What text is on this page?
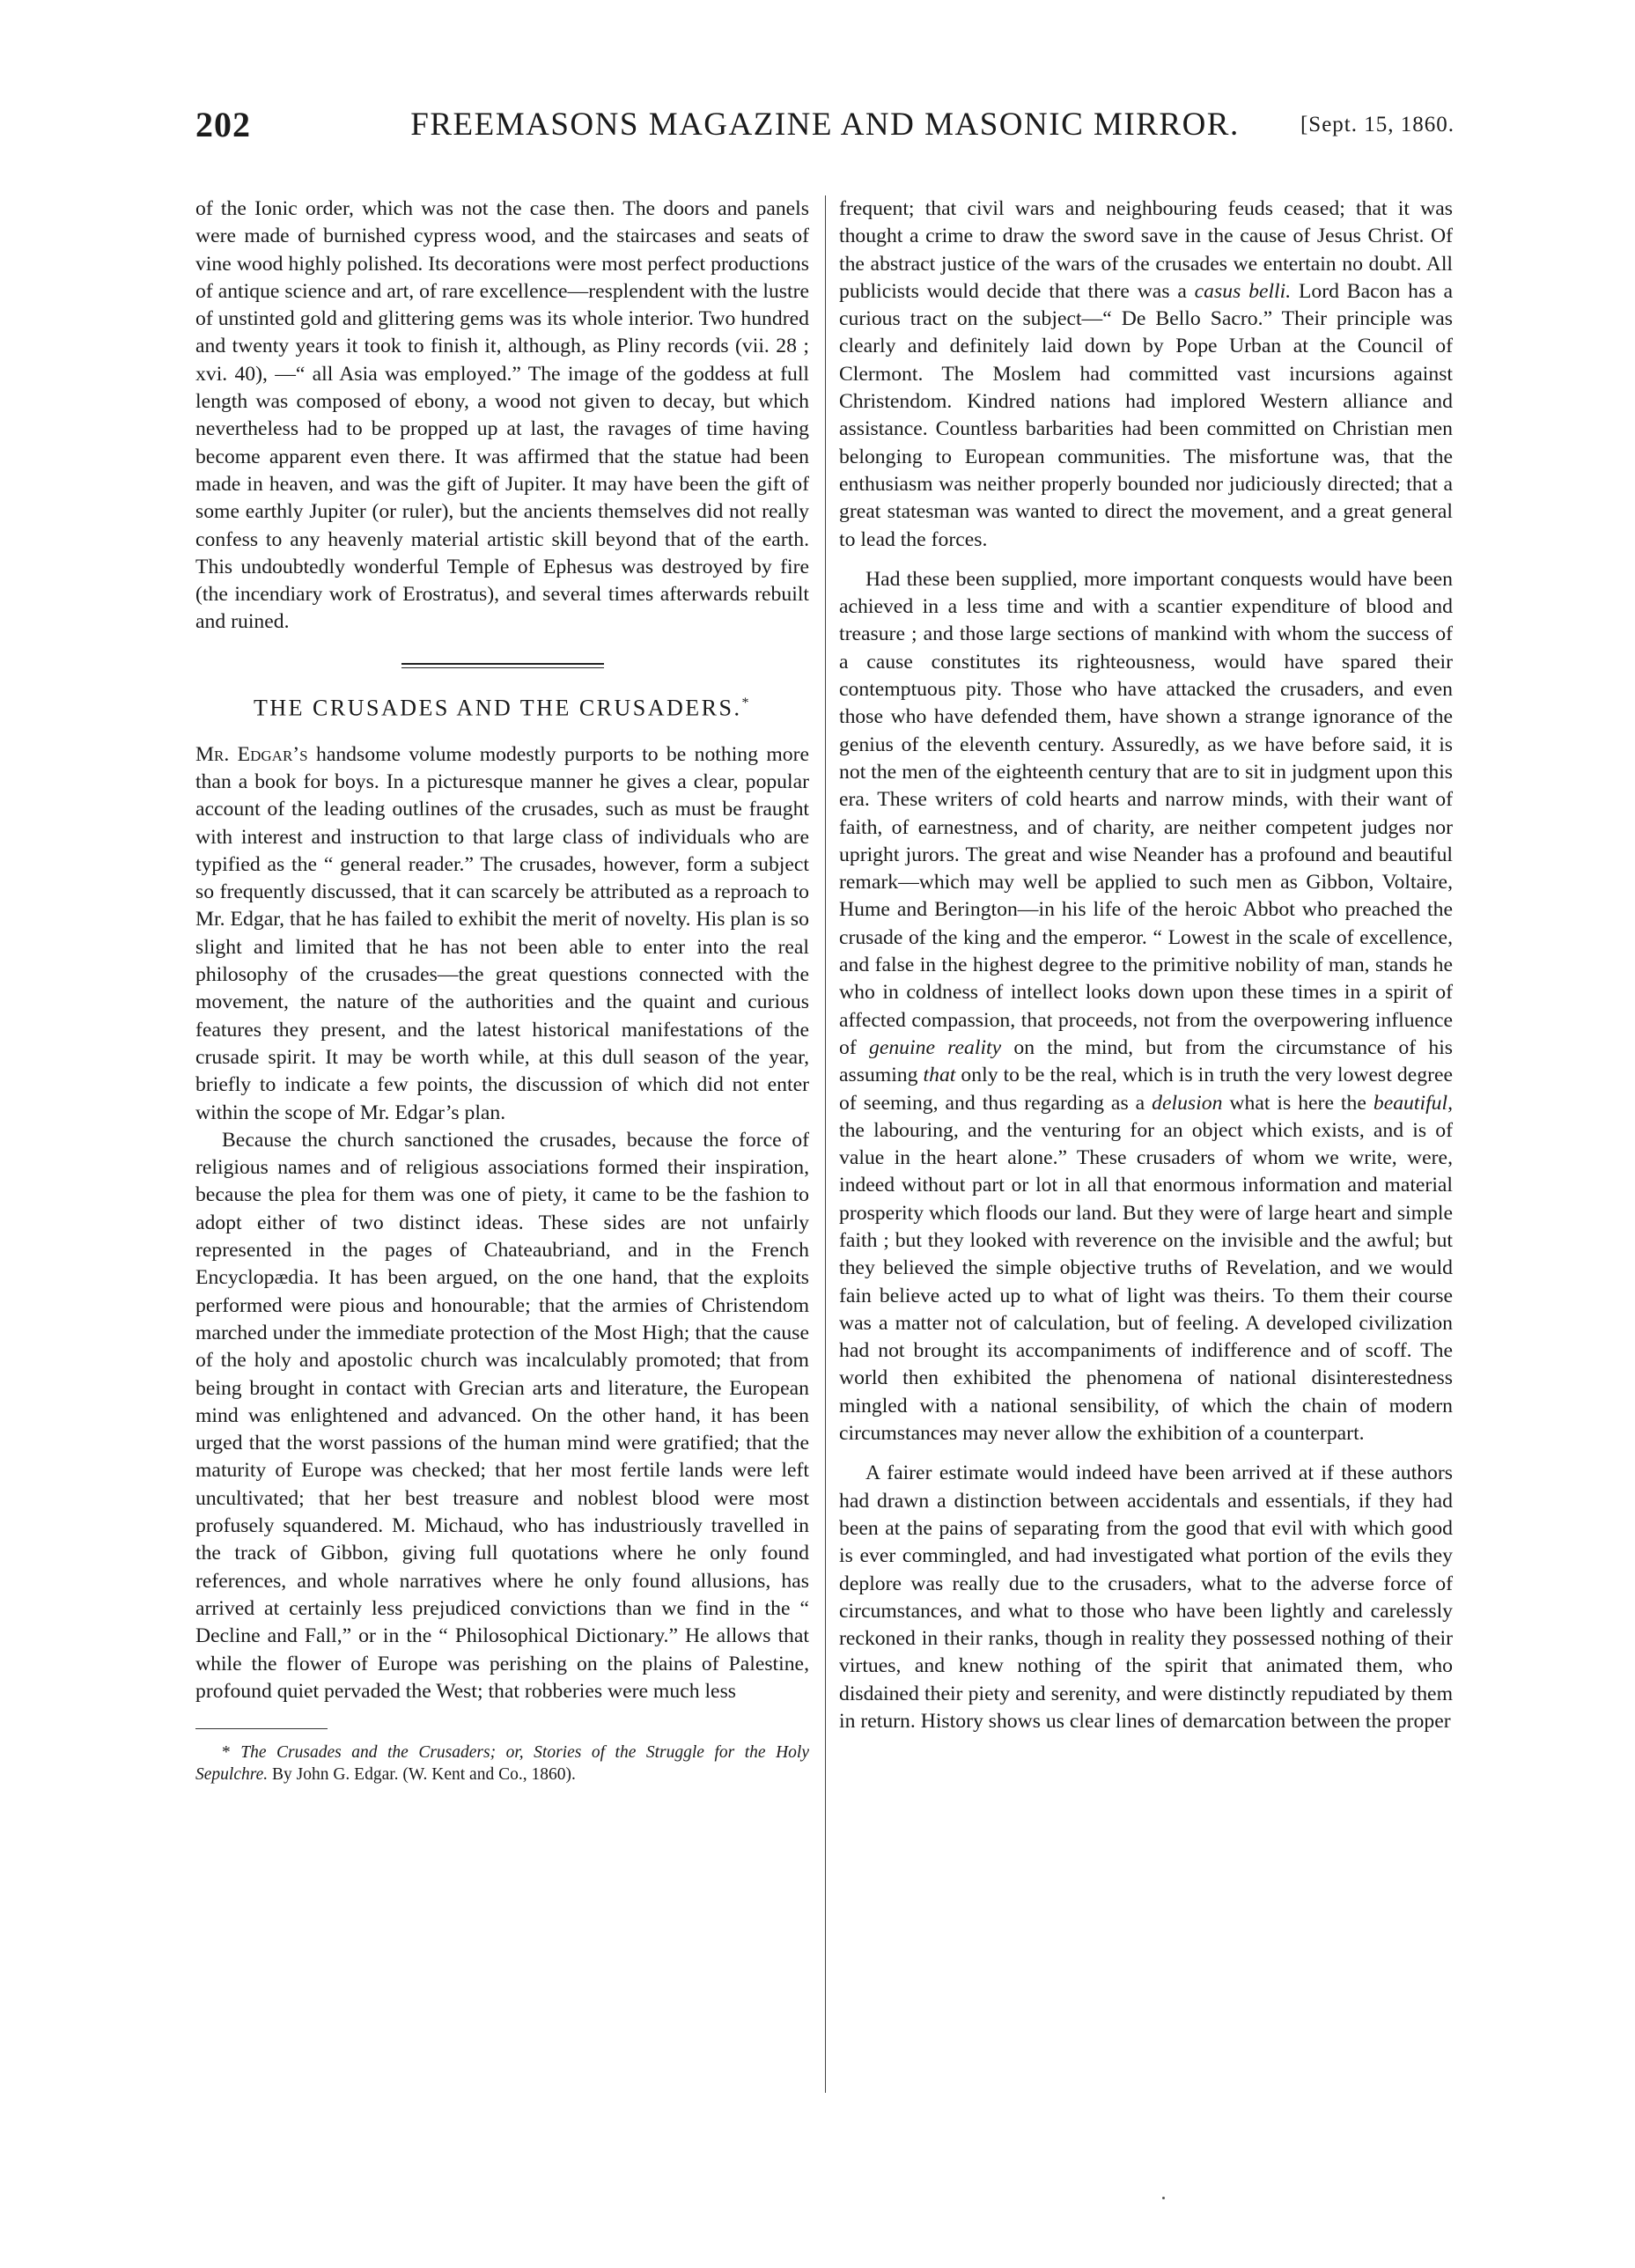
202	FREEMASONS MAGAZINE AND MASONIC MIRROR.	[Sept. 15, 1860.

of the Ionic order, which was not the case then. The doors and panels were made of burnished cypress wood, and the staircases and seats of vine wood highly polished. Its decorations were most perfect productions of antique science and art, of rare excellence—resplendent with the lustre of unstinted gold and glittering gems was its whole interior. Two hundred and twenty years it took to finish it, although, as Pliny records (vii. 28 ; xvi. 40), —“ all Asia was employed.” The image of the goddess at full length was composed of ebony, a wood not given to decay, but which nevertheless had to be propped up at last, the ravages of time having become apparent even there. It was affirmed that the statue had been made in heaven, and was the gift of Jupiter. It may have been the gift of some earthly Jupiter (or ruler), but the ancients themselves did not really confess to any heavenly material artistic skill beyond that of the earth. This undoubtedly wonderful Temple of Ephesus was destroyed by fire (the incendiary work of Erostratus), and several times afterwards rebuilt and ruined.

THE CRUSADES AND THE CRUSADERS.*

Mr. Edgar’s handsome volume modestly purports to be nothing more than a book for boys. In a picturesque manner he gives a clear, popular account of the leading outlines of the crusades, such as must be fraught with interest and instruction to that large class of individuals who are typified as the “ general reader.” The crusades, however, form a subject so frequently discussed, that it can scarcely be attributed as a reproach to Mr. Edgar, that he has failed to exhibit the merit of novelty. His plan is so slight and limited that he has not been able to enter into the real philosophy of the crusades—the great questions connected with the movement, the nature of the authorities and the quaint and curious features they present, and the latest historical manifestations of the crusade spirit. It may be worth while, at this dull season of the year, briefly to indicate a few points, the discussion of which did not enter within the scope of Mr. Edgar’s plan.

Because the church sanctioned the crusades, because the force of religious names and of religious associations formed their inspiration, because the plea for them was one of piety, it came to be the fashion to adopt either of two distinct ideas. These sides are not unfairly represented in the pages of Chateaubriand, and in the French Encyclopædia. It has been argued, on the one hand, that the exploits performed were pious and honourable; that the armies of Christendom marched under the immediate protection of the Most High; that the cause of the holy and apostolic church was incalculably promoted; that from being brought in contact with Grecian arts and literature, the European mind was enlightened and advanced. On the other hand, it has been urged that the worst passions of the human mind were gratified; that the maturity of Europe was checked; that her most fertile lands were left uncultivated; that her best treasure and noblest blood were most profusely squandered. M. Michaud, who has industriously travelled in the track of Gibbon, giving full quotations where he only found references, and whole narratives where he only found allusions, has arrived at certainly less prejudiced convictions than we find in the “ Decline and Fall,” or in the “ Philosophical Dictionary.” He allows that while the flower of Europe was perishing on the plains of Palestine, profound quiet pervaded the West; that robberies were much less

* The Crusades and the Crusaders; or, Stories of the Struggle for the Holy Sepulchre. By John G. Edgar. (W. Kent and Co., 1860).

frequent; that civil wars and neighbouring feuds ceased; that it was thought a crime to draw the sword save in the cause of Jesus Christ. Of the abstract justice of the wars of the crusades we entertain no doubt. All publicists would decide that there was a casus belli. Lord Bacon has a curious tract on the subject—“ De Bello Sacro.” Their principle was clearly and definitely laid down by Pope Urban at the Council of Clermont. The Moslem had committed vast incursions against Christendom. Kindred nations had implored Western alliance and assistance. Countless barbarities had been committed on Christian men belonging to European communities. The misfortune was, that the enthusiasm was neither properly bounded nor judiciously directed; that a great statesman was wanted to direct the movement, and a great general to lead the forces.

Had these been supplied, more important conquests would have been achieved in a less time and with a scantier expenditure of blood and treasure ; and those large sections of mankind with whom the success of a cause constitutes its righteousness, would have spared their contemptuous pity. Those who have attacked the crusaders, and even those who have defended them, have shown a strange ignorance of the genius of the eleventh century. Assuredly, as we have before said, it is not the men of the eighteenth century that are to sit in judgment upon this era. These writers of cold hearts and narrow minds, with their want of faith, of earnestness, and of charity, are neither competent judges nor upright jurors. The great and wise Neander has a profound and beautiful remark—which may well be applied to such men as Gibbon, Voltaire, Hume and Berington—in his life of the heroic Abbot who preached the crusade of the king and the emperor. “ Lowest in the scale of excellence, and false in the highest degree to the primitive nobility of man, stands he who in coldness of intellect looks down upon these times in a spirit of affected compassion, that proceeds, not from the overpowering influence of genuine reality on the mind, but from the circumstance of his assuming that only to be the real, which is in truth the very lowest degree of seeming, and thus regarding as a delusion what is here the beautiful, the labouring, and the venturing for an object which exists, and is of value in the heart alone.” These crusaders of whom we write, were, indeed without part or lot in all that enormous information and material prosperity which floods our land. But they were of large heart and simple faith ; but they looked with reverence on the invisible and the awful; but they believed the simple objective truths of Revelation, and we would fain believe acted up to what of light was theirs. To them their course was a matter not of calculation, but of feeling. A developed civilization had not brought its accompaniments of indifference and of scoff. The world then exhibited the phenomena of national disinterestedness mingled with a national sensibility, of which the chain of modern circumstances may never allow the exhibition of a counterpart.

A fairer estimate would indeed have been arrived at if these authors had drawn a distinction between accidentals and essentials, if they had been at the pains of separating from the good that evil with which good is ever commingled, and had investigated what portion of the evils they deplore was really due to the crusaders, what to the adverse force of circumstances, and what to those who have been lightly and carelessly reckoned in their ranks, though in reality they possessed nothing of their virtues, and knew nothing of the spirit that animated them, who disdained their piety and serenity, and were distinctly repudiated by them in return. History shows us clear lines of demarcation between the proper
